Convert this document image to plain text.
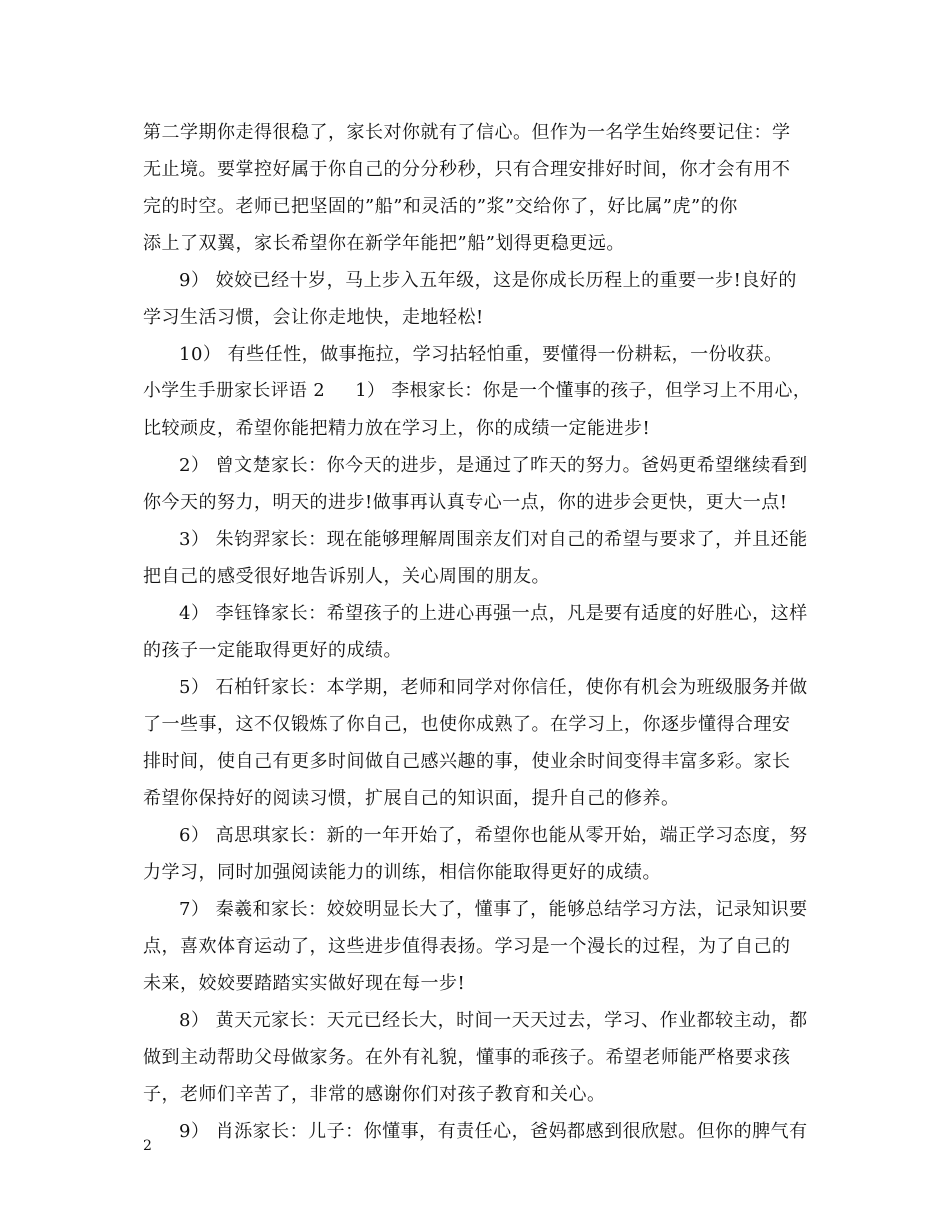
第二学期你走得很稳了，家长对你就有了信心。但作为一名学生始终要记住：学
无止境。要掌控好属于你自己的分分秒秒，只有合理安排好时间，你才会有用不
完的时空。老师已把坚固的”船”和灵活的”浆”交给你了，好比属”虎”的你
添上了双翼，家长希望你在新学年能把”船”划得更稳更远。
9） 姣姣已经十岁，马上步入五年级，这是你成长历程上的重要一步!良好的
学习生活习惯，会让你走地快，走地轻松!
10） 有些任性，做事拖拉，学习拈轻怕重，要懂得一份耕耘，一份收获。
小学生手册家长评语 2 1） 李根家长：你是一个懂事的孩子，但学习上不用心，
比较顽皮，希望你能把精力放在学习上，你的成绩一定能进步!
2） 曾文楚家长：你今天的进步，是通过了昨天的努力。爸妈更希望继续看到
你今天的努力，明天的进步!做事再认真专心一点，你的进步会更快，更大一点!
3） 朱钧羿家长：现在能够理解周围亲友们对自己的希望与要求了，并且还能
把自己的感受很好地告诉别人，关心周围的朋友。
4） 李钰锋家长：希望孩子的上进心再强一点，凡是要有适度的好胜心，这样
的孩子一定能取得更好的成绩。
5） 石柏钎家长：本学期，老师和同学对你信任，使你有机会为班级服务并做
了一些事，这不仅锻炼了你自己，也使你成熟了。在学习上，你逐步懂得合理安
排时间，使自己有更多时间做自己感兴趣的事，使业余时间变得丰富多彩。家长
希望你保持好的阅读习惯，扩展自己的知识面，提升自己的修养。
6） 高思琪家长：新的一年开始了，希望你也能从零开始，端正学习态度，努
力学习，同时加强阅读能力的训练，相信你能取得更好的成绩。
7） 秦羲和家长：姣姣明显长大了，懂事了，能够总结学习方法，记录知识要
点，喜欢体育运动了，这些进步值得表扬。学习是一个漫长的过程，为了自己的
未来，姣姣要踏踏实实做好现在每一步!
8） 黄天元家长：天元已经长大，时间一天天过去，学习、作业都较主动，都
做到主动帮助父母做家务。在外有礼貌，懂事的乖孩子。希望老师能严格要求孩
子，老师们辛苦了，非常的感谢你们对孩子教育和关心。
9） 肖泺家长：儿子：你懂事，有责任心，爸妈都感到很欣慰。但你的脾气有
2
